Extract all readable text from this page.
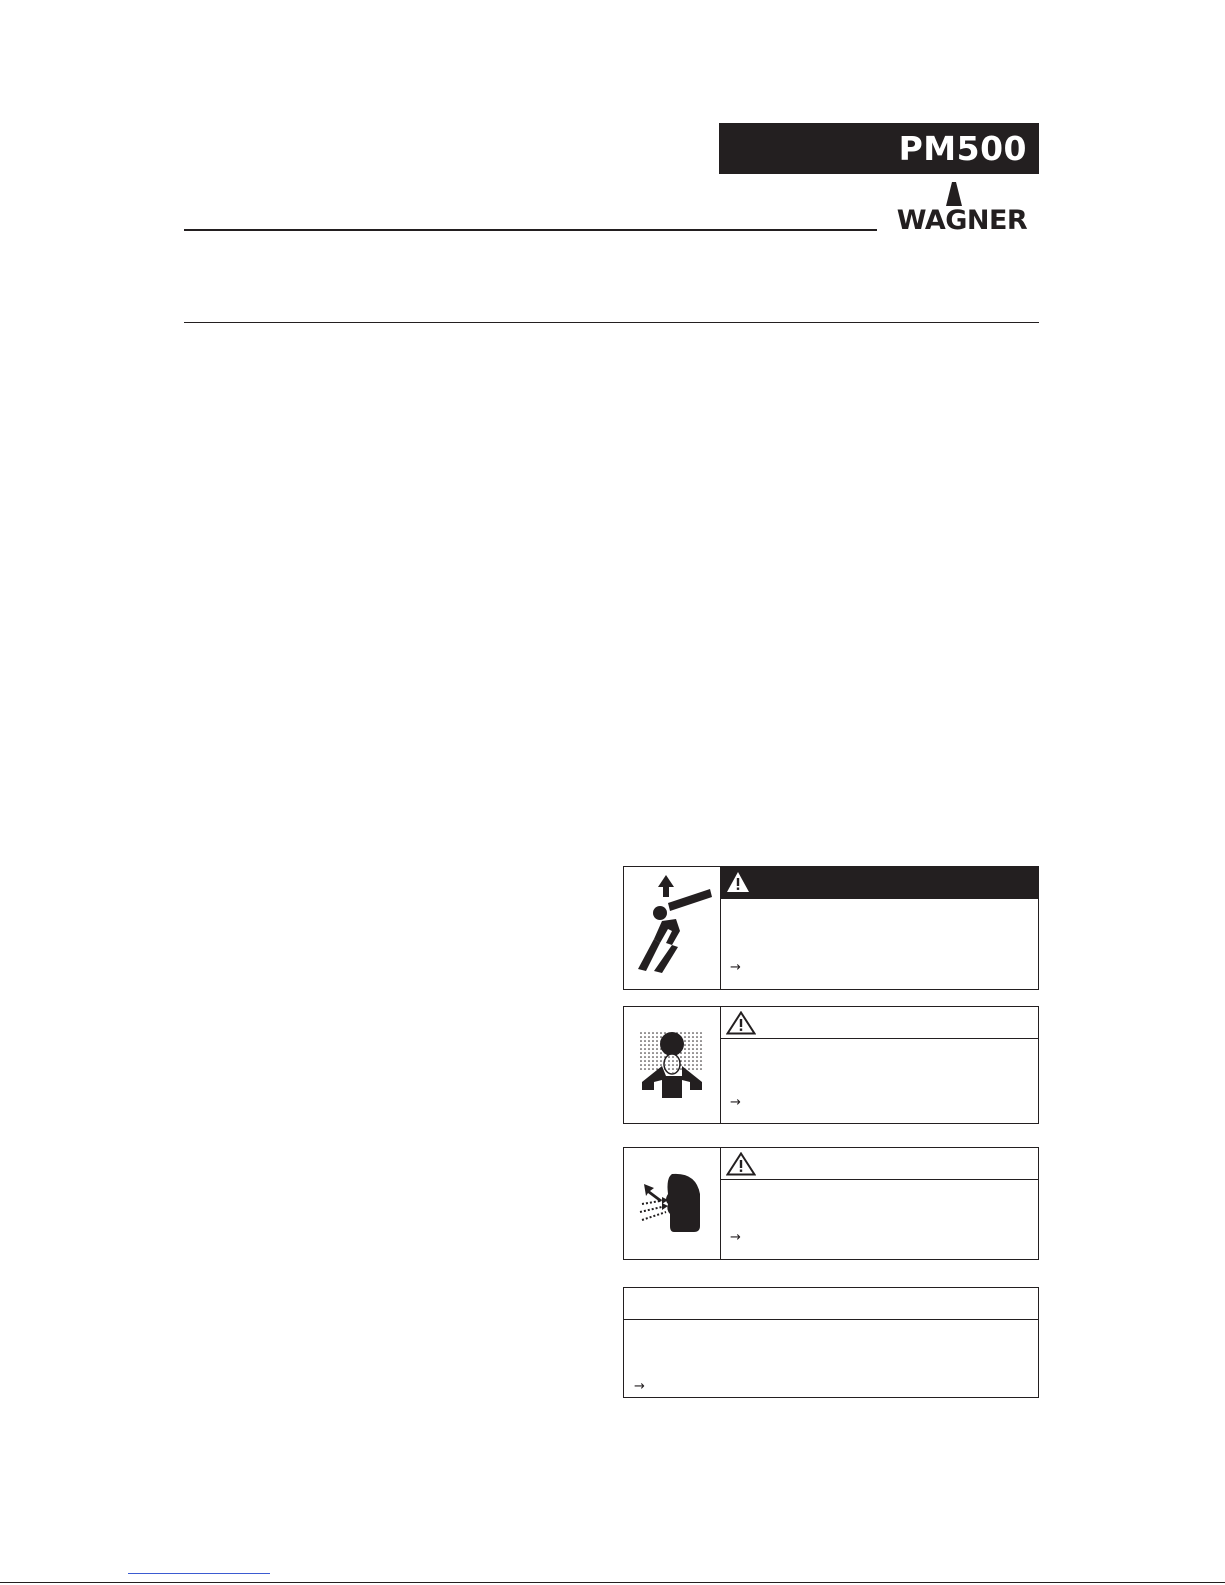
PM500
WAGNER
→
→
→
→
